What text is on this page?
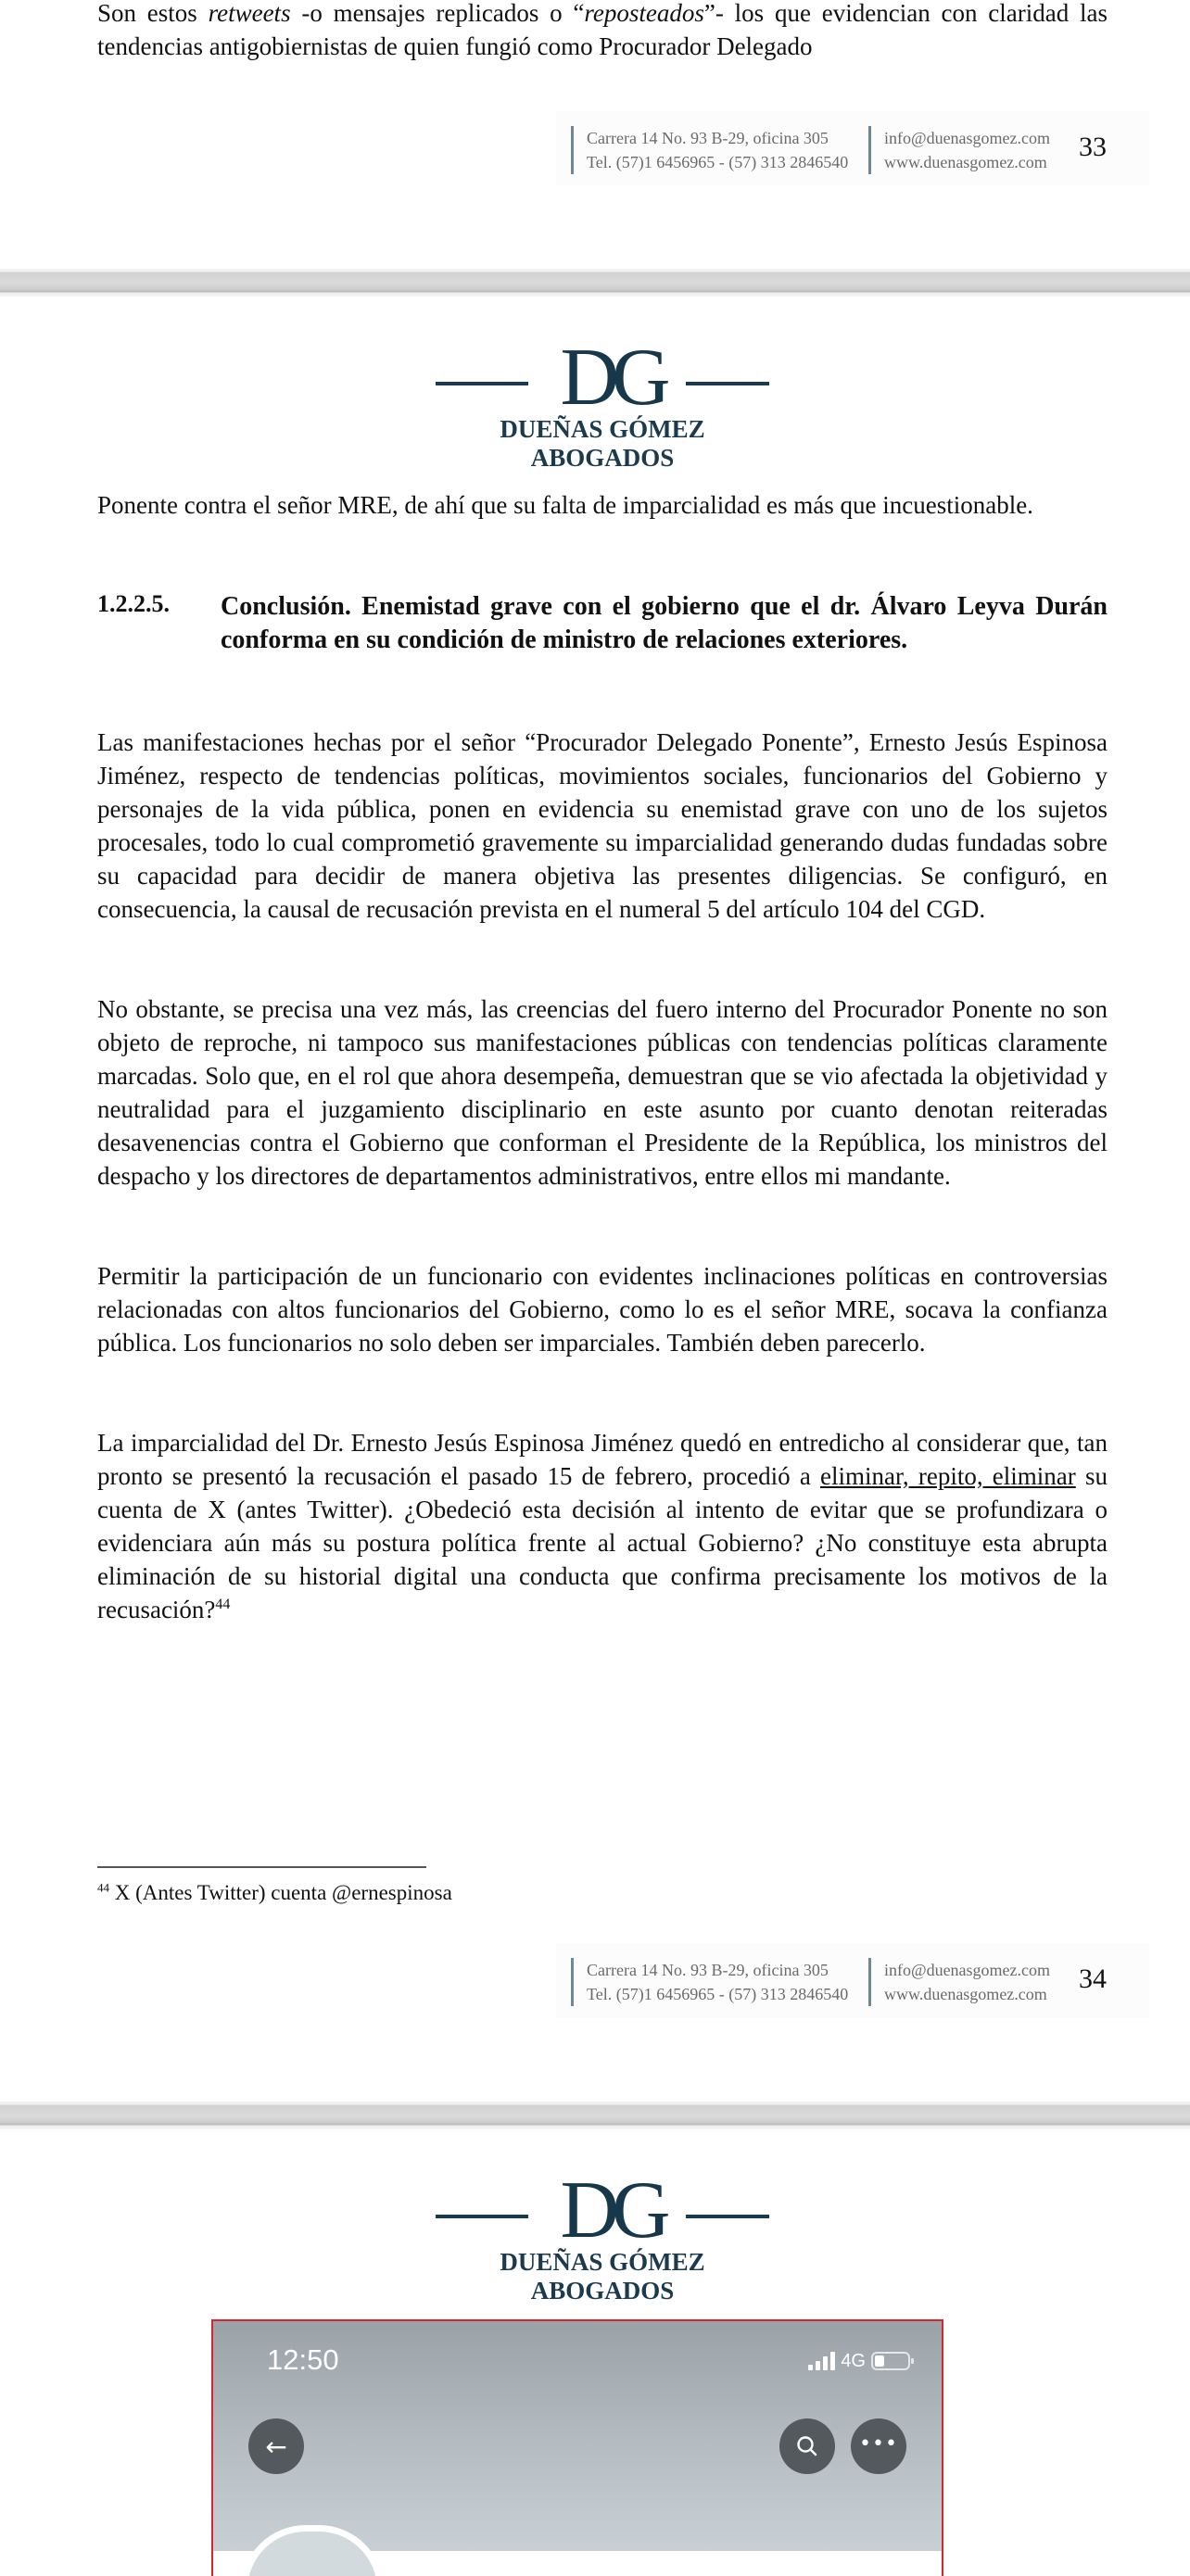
Son estos retweets -o mensajes replicados o “reposteados”- los que evidencian con claridad las tendencias antigobiernistas de quien fungió como Procurador Delegado
Carrera 14 No. 93 B-29, oficina 305
Tel. (57)1 6456965 - (57) 313 2846540
info@duenasgomez.com
www.duenasgomez.com	33
DG
DUEÑAS GÓMEZ ABOGADOS

Ponente contra el señor MRE, de ahí que su falta de imparcialidad es más que incuestionable.

1.2.2.5. Conclusión. Enemistad grave con el gobierno que el dr. Álvaro Leyva Durán conforma en su condición de ministro de relaciones exteriores.

Las manifestaciones hechas por el señor “Procurador Delegado Ponente”, Ernesto Jesús Espinosa Jiménez, respecto de tendencias políticas, movimientos sociales, funcionarios del Gobierno y personajes de la vida pública, ponen en evidencia su enemistad grave con uno de los sujetos procesales, todo lo cual comprometió gravemente su imparcialidad generando dudas fundadas sobre su capacidad para decidir de manera objetiva las presentes diligencias. Se configuró, en consecuencia, la causal de recusación prevista en el numeral 5 del artículo 104 del CGD.

No obstante, se precisa una vez más, las creencias del fuero interno del Procurador Ponente no son objeto de reproche, ni tampoco sus manifestaciones públicas con tendencias políticas claramente marcadas. Solo que, en el rol que ahora desempeña, demuestran que se vio afectada la objetividad y neutralidad para el juzgamiento disciplinario en este asunto por cuanto denotan reiteradas desavenencias contra el Gobierno que conforman el Presidente de la República, los ministros del despacho y los directores de departamentos administrativos, entre ellos mi mandante.

Permitir la participación de un funcionario con evidentes inclinaciones políticas en controversias relacionadas con altos funcionarios del Gobierno, como lo es el señor MRE, socava la confianza pública. Los funcionarios no solo deben ser imparciales. También deben parecerlo.

La imparcialidad del Dr. Ernesto Jesús Espinosa Jiménez quedó en entredicho al considerar que, tan pronto se presentó la recusación el pasado 15 de febrero, procedió a eliminar, repito, eliminar su cuenta de X (antes Twitter). ¿Obedeció esta decisión al intento de evitar que se profundizara o evidenciara aún más su postura política frente al actual Gobierno? ¿No constituye esta abrupta eliminación de su historial digital una conducta que confirma precisamente los motivos de la recusación?$^{44}$

$^{44}$ X (Antes Twitter) cuenta @ernespinosa
Carrera 14 No. 93 B-29, oficina 305
Tel. (57)1 6456965 - (57) 313 2846540
info@duenasgomez.com
www.duenasgomez.com	34
DG
DUEÑAS GÓMEZ ABOGADOS
12:50	4G
←	•••
